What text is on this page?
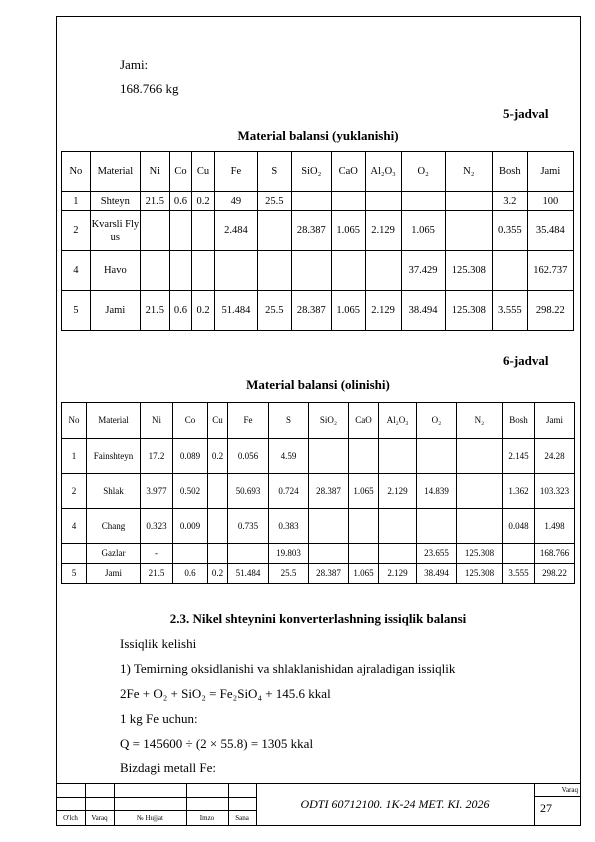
Jami:
168.766 kg
5-jadval
Material balansi (yuklanishi)
No	Material	Ni	Co	Cu	Fe	S	SiO₂	CaO	Al₂O₃	O₂	N₂	Bosh	Jami
1	Shteyn	21.5	0.6	0.2	49	25.5						3.2	100
2	Kvarsli Flyus				2.484		28.387	1.065	2.129	1.065		0.355	35.484
4	Havo									37.429	125.308		162.737
5	Jami	21.5	0.6	0.2	51.484	25.5	28.387	1.065	2.129	38.494	125.308	3.555	298.22
6-jadval
Material balansi (olinishi)
No	Material	Ni	Co	Cu	Fe	S	SiO₂	CaO	Al₂O₃	O₂	N₂	Bosh	Jami
1	Fainshteyn	17.2	0.089	0.2	0.056	4.59						2.145	24.28
2	Shlak	3.977	0.502		50.693	0.724	28.387	1.065	2.129	14.839		1.362	103.323
4	Chang	0.323	0.009		0.735	0.383						0.048	1.498
	Gazlar	-				19.803				23.655	125.308		168.766
5	Jami	21.5	0.6	0.2	51.484	25.5	28.387	1.065	2.129	38.494	125.308	3.555	298.22
2.3. Nikel shteynini konverterlashning issiqlik balansi
Issiqlik kelishi
1) Temirning oksidlanishi va shlaklanishidan ajraladigan issiqlik
2Fe + O₂ + SiO₂ = Fe₂SiO₄ + 145.6 kkal
1 kg Fe uchun:
Q = 145600 ÷ (2 × 55.8) = 1305 kkal
Bizdagi metall Fe:
O'lch	Varaq	№ Hujjat	Imzo	Sana
ODTI 60712100. 1K-24 MET. KI. 2026
Varaq
27
